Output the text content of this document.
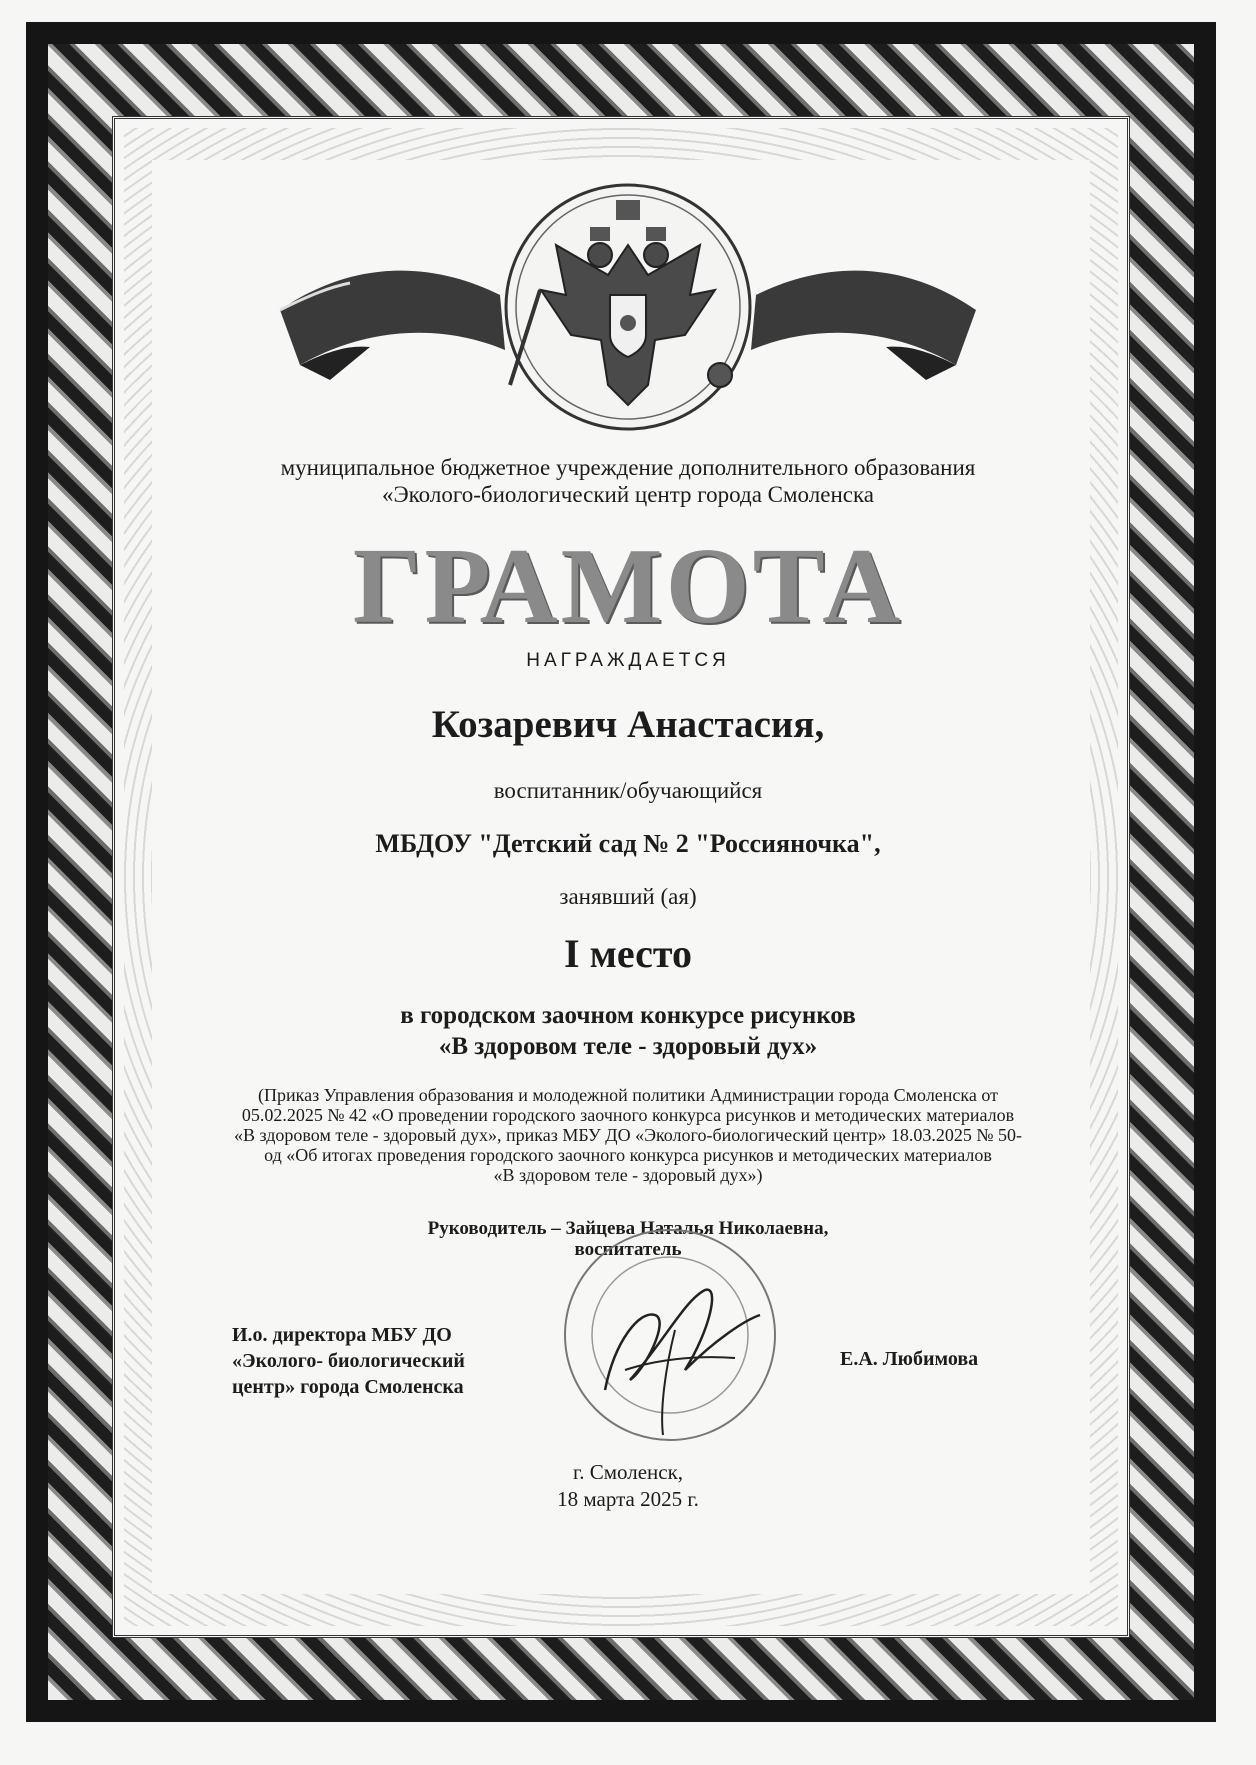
муниципальное бюджетное учреждение дополнительного образования
«Эколого-биологический центр города Смоленска
ГРАМОТА
НАГРАЖДАЕТСЯ
Козаревич Анастасия,
воспитанник/обучающийся
МБДОУ "Детский сад № 2 "Россияночка",
занявший (ая)
I место
в городском заочном конкурсе рисунков
«В здоровом теле - здоровый дух»
(Приказ Управления образования и молодежной политики Администрации города Смоленска от
05.02.2025 № 42 «О проведении городского заочного конкурса рисунков и методических материалов
«В здоровом теле - здоровый дух», приказ МБУ ДО «Эколого-биологический центр» 18.03.2025 № 50-
од «Об итогах проведения городского заочного конкурса рисунков и методических материалов
«В здоровом теле - здоровый дух»)
Руководитель – Зайцева Наталья Николаевна,
воспитатель
И.о. директора МБУ ДО
«Эколого- биологический
центр» города Смоленска
Е.А. Любимова
г. Смоленск,
18 марта 2025 г.
